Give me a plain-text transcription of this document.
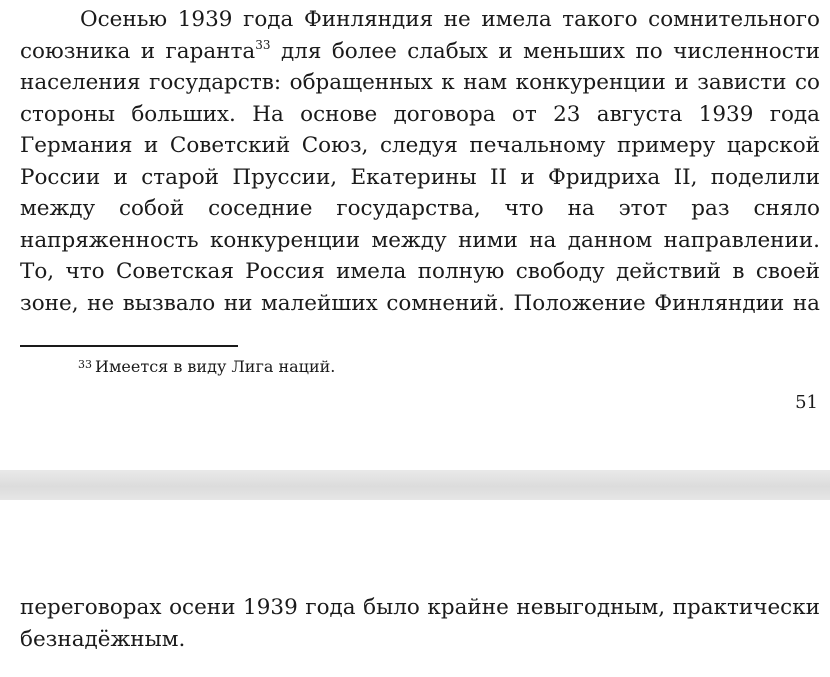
Осенью 1939 года Финляндия не имела такого сомнительного
союзника и гаранта$^{33}$ для более слабых и меньших по численности
населения государств: обращенных к нам конкуренции и зависти со
стороны больших. На основе договора от 23 августа 1939 года
Германия и Советский Союз, следуя печальному примеру царской
России и старой Пруссии, Екатерины II и Фридриха II, поделили
между собой соседние государства, что на этот раз сняло
напряженность конкуренции между ними на данном направлении.
То, что Советская Россия имела полную свободу действий в своей
зоне, не вызвало ни малейших сомнений. Положение Финляндии на
$^{33}$ Имеется в виду Лига наций.
51
переговорах осени 1939 года было крайне невыгодным, практически
безнадёжным.
